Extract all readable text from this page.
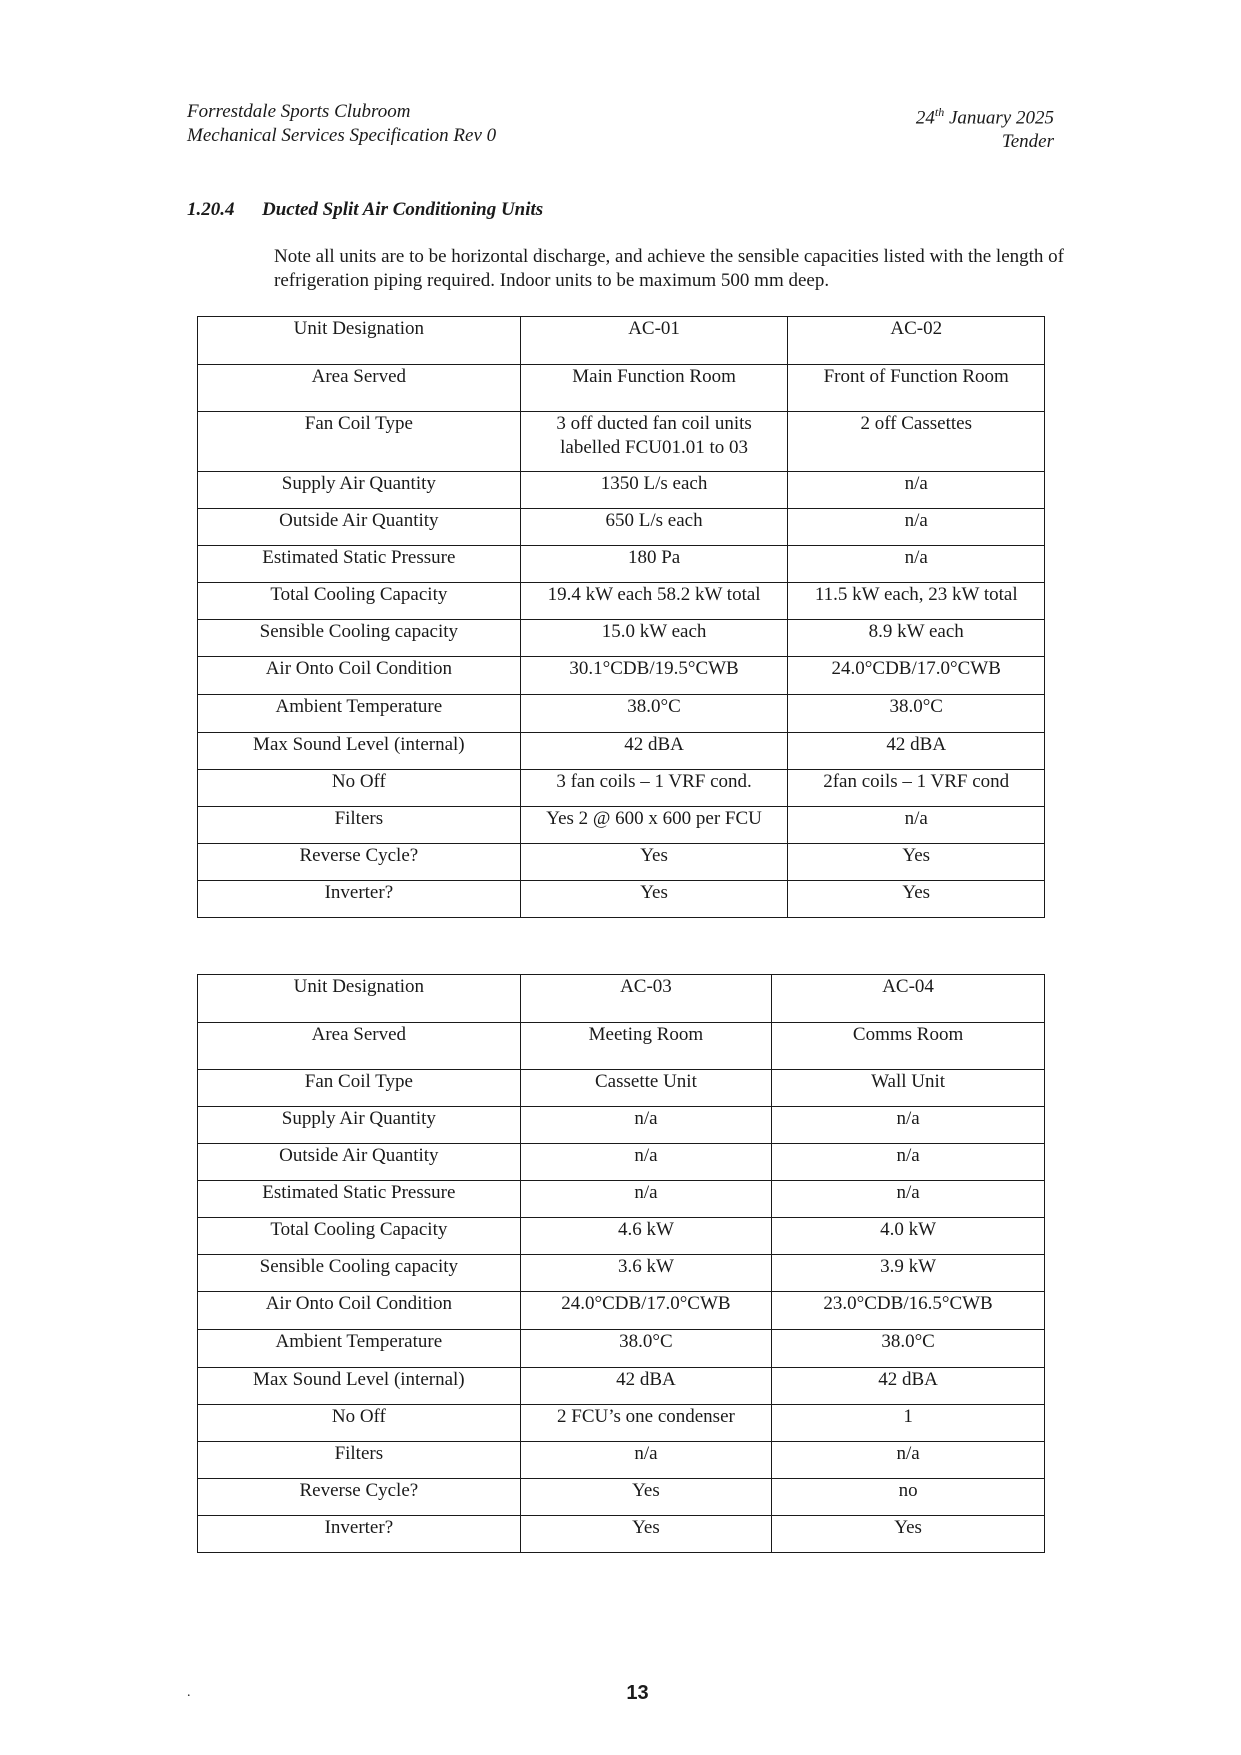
Forrestdale Sports Clubroom
Mechanical Services Specification Rev 0
24th January 2025
Tender
1.20.4 Ducted Split Air Conditioning Units
Note all units are to be horizontal discharge, and achieve the sensible capacities listed with the length of refrigeration piping required. Indoor units to be maximum 500 mm deep.
Unit Designation	AC-01	AC-02
Area Served	Main Function Room	Front of Function Room
Fan Coil Type	3 off ducted fan coil units labelled FCU01.01 to 03	2 off Cassettes
Supply Air Quantity	1350 L/s each	n/a
Outside Air Quantity	650 L/s each	n/a
Estimated Static Pressure	180 Pa	n/a
Total Cooling Capacity	19.4 kW each 58.2 kW total	11.5 kW each, 23 kW total
Sensible Cooling capacity	15.0 kW each	8.9 kW each
Air Onto Coil Condition	30.1°CDB/19.5°CWB	24.0°CDB/17.0°CWB
Ambient Temperature	38.0°C	38.0°C
Max Sound Level (internal)	42 dBA	42 dBA
No Off	3 fan coils – 1 VRF cond.	2fan coils – 1 VRF cond
Filters	Yes 2 @ 600 x 600 per FCU	n/a
Reverse Cycle?	Yes	Yes
Inverter?	Yes	Yes
Unit Designation	AC-03	AC-04
Area Served	Meeting Room	Comms Room
Fan Coil Type	Cassette Unit	Wall Unit
Supply Air Quantity	n/a	n/a
Outside Air Quantity	n/a	n/a
Estimated Static Pressure	n/a	n/a
Total Cooling Capacity	4.6 kW	4.0 kW
Sensible Cooling capacity	3.6 kW	3.9 kW
Air Onto Coil Condition	24.0°CDB/17.0°CWB	23.0°CDB/16.5°CWB
Ambient Temperature	38.0°C	38.0°C
Max Sound Level (internal)	42 dBA	42 dBA
No Off	2 FCU’s one condenser	1
Filters	n/a	n/a
Reverse Cycle?	Yes	no
Inverter?	Yes	Yes
.	13
